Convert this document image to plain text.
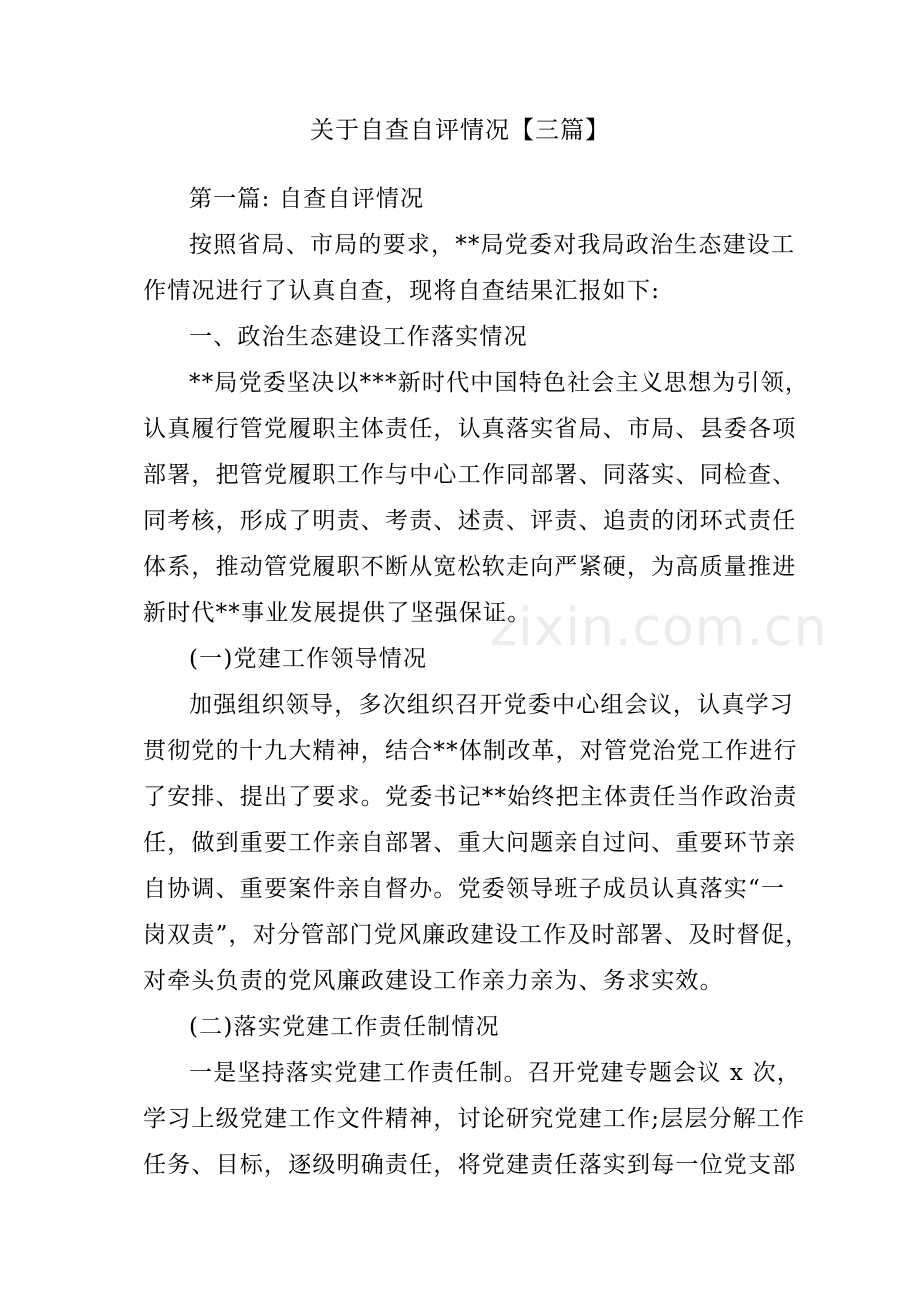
zixin.com.cn
关于自查自评情况【三篇】
第一篇: 自查自评情况
按照省局、市局的要求，**局党委对我局政治生态建设工
作情况进行了认真自查，现将自查结果汇报如下:
一、政治生态建设工作落实情况
**局党委坚决以***新时代中国特色社会主义思想为引领，
认真履行管党履职主体责任，认真落实省局、市局、县委各项
部署，把管党履职工作与中心工作同部署、同落实、同检查、
同考核，形成了明责、考责、述责、评责、追责的闭环式责任
体系，推动管党履职不断从宽松软走向严紧硬，为高质量推进
新时代**事业发展提供了坚强保证。
(一)党建工作领导情况
加强组织领导，多次组织召开党委中心组会议，认真学习
贯彻党的十九大精神，结合**体制改革，对管党治党工作进行
了安排、提出了要求。党委书记**始终把主体责任当作政治责
任，做到重要工作亲自部署、重大问题亲自过问、重要环节亲
自协调、重要案件亲自督办。党委领导班子成员认真落实“一
岗双责”，对分管部门党风廉政建设工作及时部署、及时督促，
对牵头负责的党风廉政建设工作亲力亲为、务求实效。
(二)落实党建工作责任制情况
一是坚持落实党建工作责任制。召开党建专题会议 x 次，
学习上级党建工作文件精神，讨论研究党建工作;层层分解工作
任务、目标，逐级明确责任，将党建责任落实到每一位党支部
